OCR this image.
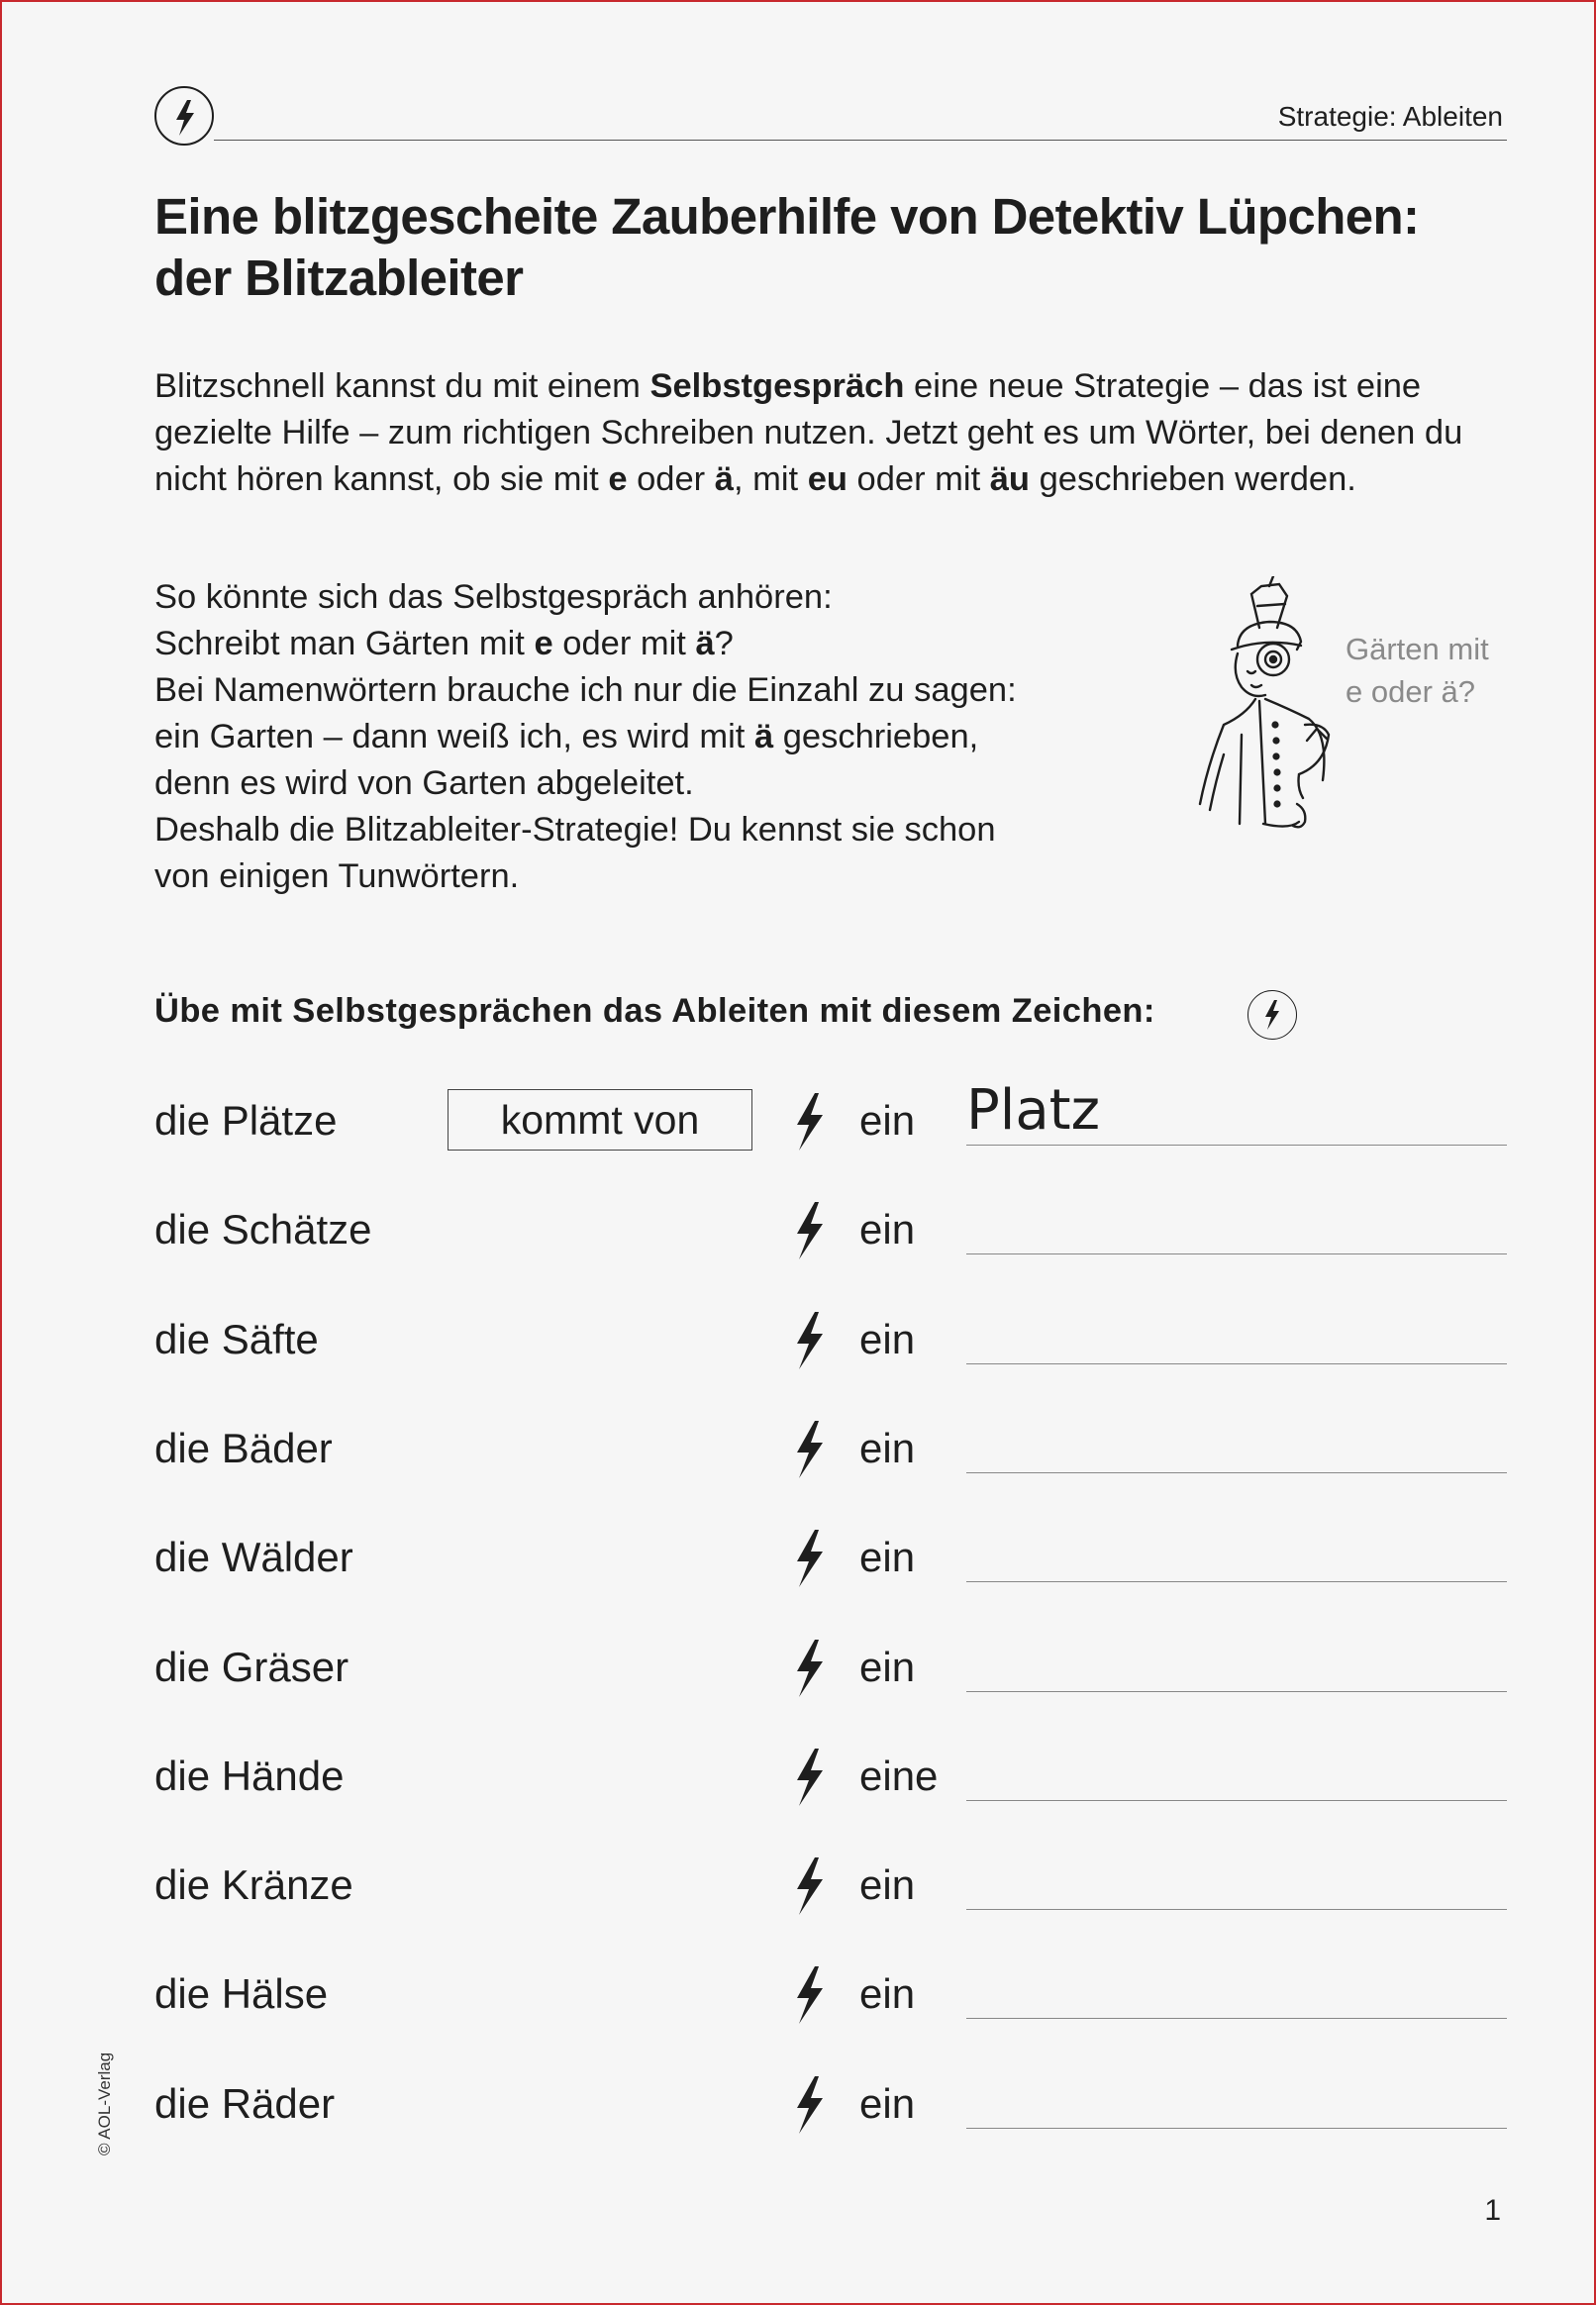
Strategie: Ableiten
Eine blitzgescheite Zauberhilfe von Detektiv Lüpchen:
der Blitzableiter
Blitzschnell kannst du mit einem Selbstgespräch eine neue Strategie – das ist eine gezielte Hilfe – zum richtigen Schreiben nutzen. Jetzt geht es um Wörter, bei denen du nicht hören kannst, ob sie mit e oder ä, mit eu oder mit äu geschrieben werden.
So könnte sich das Selbstgespräch anhören:
Schreibt man Gärten mit e oder mit ä?
Bei Namenwörtern brauche ich nur die Einzahl zu sagen:
ein Garten – dann weiß ich, es wird mit ä geschrieben,
denn es wird von Garten abgeleitet.
Deshalb die Blitzableiter-Strategie! Du kennst sie schon
von einigen Tunwörtern.
Gärten mit
e oder ä?
Übe mit Selbstgesprächen das Ableiten mit diesem Zeichen:
die Plätze	kommt von	ein Platz
die Schätze	ein
die Säfte	ein
die Bäder	ein
die Wälder	ein
die Gräser	ein
die Hände	eine
die Kränze	ein
die Hälse	ein
die Räder	ein
© AOL-Verlag
1
